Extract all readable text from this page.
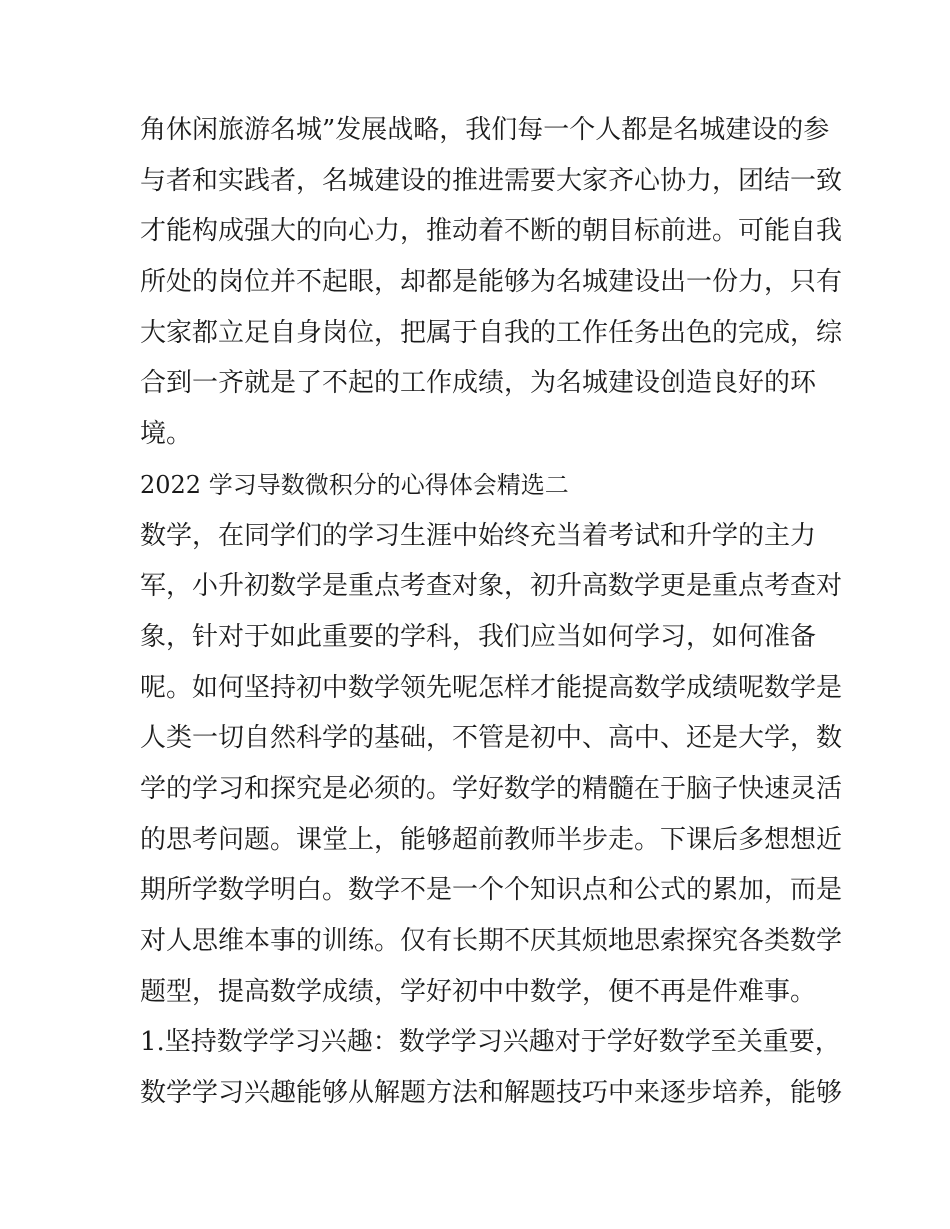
角休闲旅游名城”发展战略，我们每一个人都是名城建设的参
与者和实践者，名城建设的推进需要大家齐心协力，团结一致
才能构成强大的向心力，推动着不断的朝目标前进。可能自我
所处的岗位并不起眼，却都是能够为名城建设出一份力，只有
大家都立足自身岗位，把属于自我的工作任务出色的完成，综
合到一齐就是了不起的工作成绩，为名城建设创造良好的环
境。
2022 学习导数微积分的心得体会精选二
数学，在同学们的学习生涯中始终充当着考试和升学的主力
军，小升初数学是重点考查对象，初升高数学更是重点考查对
象，针对于如此重要的学科，我们应当如何学习，如何准备
呢。如何坚持初中数学领先呢怎样才能提高数学成绩呢数学是
人类一切自然科学的基础，不管是初中、高中、还是大学，数
学的学习和探究是必须的。学好数学的精髓在于脑子快速灵活
的思考问题。课堂上，能够超前教师半步走。下课后多想想近
期所学数学明白。数学不是一个个知识点和公式的累加，而是
对人思维本事的训练。仅有长期不厌其烦地思索探究各类数学
题型，提高数学成绩，学好初中中数学，便不再是件难事。
1.坚持数学学习兴趣：数学学习兴趣对于学好数学至关重要，
数学学习兴趣能够从解题方法和解题技巧中来逐步培养，能够
